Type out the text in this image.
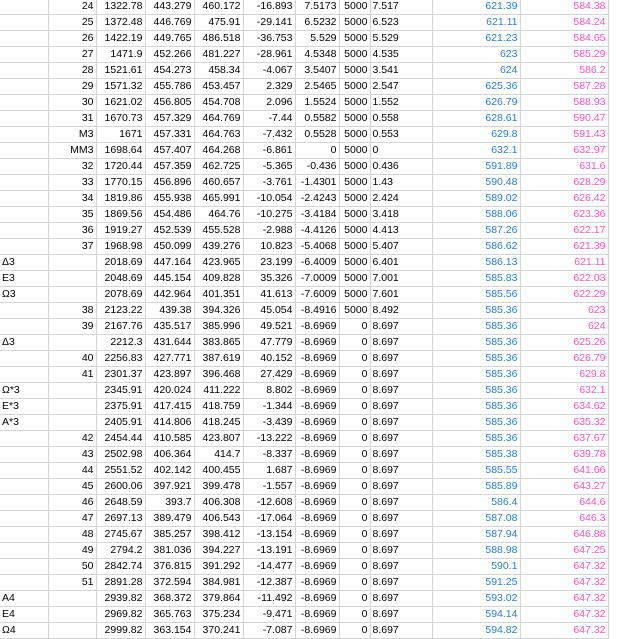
	24	1322.78	443.279	460.172	-16.893	7.5173	5000	7.517	621.39	584.38
	25	1372.48	446.769	475.91	-29.141	6.5232	5000	6.523	621.11	584.24
	26	1422.19	449.765	486.518	-36.753	5.529	5000	5.529	621.23	584.65
	27	1471.9	452.266	481.227	-28.961	4.5348	5000	4.535	623	585.29
	28	1521.61	454.273	458.34	-4.067	3.5407	5000	3.541	624	586.2
	29	1571.32	455.786	453.457	2.329	2.5465	5000	2.547	625.36	587.28
	30	1621.02	456.805	454.708	2.096	1.5524	5000	1.552	626.79	588.93
	31	1670.73	457.329	464.769	-7.44	0.5582	5000	0.558	628.61	590.47
	M3	1671	457.331	464.763	-7.432	0.5528	5000	0.553	629.8	591.43
	MM3	1698.64	457.407	464.268	-6.861	0	5000	0	632.1	632.97
	32	1720.44	457.359	462.725	-5.365	-0.436	5000	0.436	591.89	631.6
	33	1770.15	456.896	460.657	-3.761	-1.4301	5000	1.43	590.48	628.29
	34	1819.86	455.938	465.991	-10.054	-2.4243	5000	2.424	589.02	626.42
	35	1869.56	454.486	464.76	-10.275	-3.4184	5000	3.418	588.06	623.36
	36	1919.27	452.539	455.528	-2.988	-4.4126	5000	4.413	587.26	622.17
	37	1968.98	450.099	439.276	10.823	-5.4068	5000	5.407	586.62	621.39
Δ3		2018.69	447.164	423.965	23.199	-6.4009	5000	6.401	586.13	621.11
Ε3		2048.69	445.154	409.828	35.326	-7.0009	5000	7.001	585.83	622.03
Ω3		2078.69	442.964	401.351	41.613	-7.6009	5000	7.601	585.56	622.29
	38	2123.22	439.38	394.326	45.054	-8.4916	5000	8.492	585.36	623
	39	2167.76	435.517	385.996	49.521	-8.6969	0	8.697	585.36	624
Δ3		2212.3	431.644	383.865	47.779	-8.6969	0	8.697	585.36	625.26
	40	2256.83	427.771	387.619	40.152	-8.6969	0	8.697	585.36	626.79
	41	2301.37	423.897	396.468	27.429	-8.6969	0	8.697	585.36	629.8
Ω*3		2345.91	420.024	411.222	8.802	-8.6969	0	8.697	585.36	632.1
Ε*3		2375.91	417.415	418.759	-1.344	-8.6969	0	8.697	585.36	634.62
Α*3		2405.91	414.806	418.245	-3.439	-8.6969	0	8.697	585.36	635.32
	42	2454.44	410.585	423.807	-13.222	-8.6969	0	8.697	585.36	637.67
	43	2502.98	406.364	414.7	-8.337	-8.6969	0	8.697	585.38	639.78
	44	2551.52	402.142	400.455	1.687	-8.6969	0	8.697	585.55	641.66
	45	2600.06	397.921	399.478	-1.557	-8.6969	0	8.697	585.89	643.27
	46	2648.59	393.7	406.308	-12.608	-8.6969	0	8.697	586.4	644.6
	47	2697.13	389.479	406.543	-17.064	-8.6969	0	8.697	587.08	646.3
	48	2745.67	385.257	398.412	-13.154	-8.6969	0	8.697	587.94	646.88
	49	2794.2	381.036	394.227	-13.191	-8.6969	0	8.697	588.98	647.25
	50	2842.74	376.815	391.292	-14.477	-8.6969	0	8.697	590.1	647.32
	51	2891.28	372.594	384.981	-12.387	-8.6969	0	8.697	591.25	647.32
Α4		2939.82	368.372	379.864	-11.492	-8.6969	0	8.697	593.02	647.32
Ε4		2969.82	365.763	375.234	-9.471	-8.6969	0	8.697	594.14	647.32
Ω4		2999.82	363.154	370.241	-7.087	-8.6969	0	8.697	594.82	647.32
